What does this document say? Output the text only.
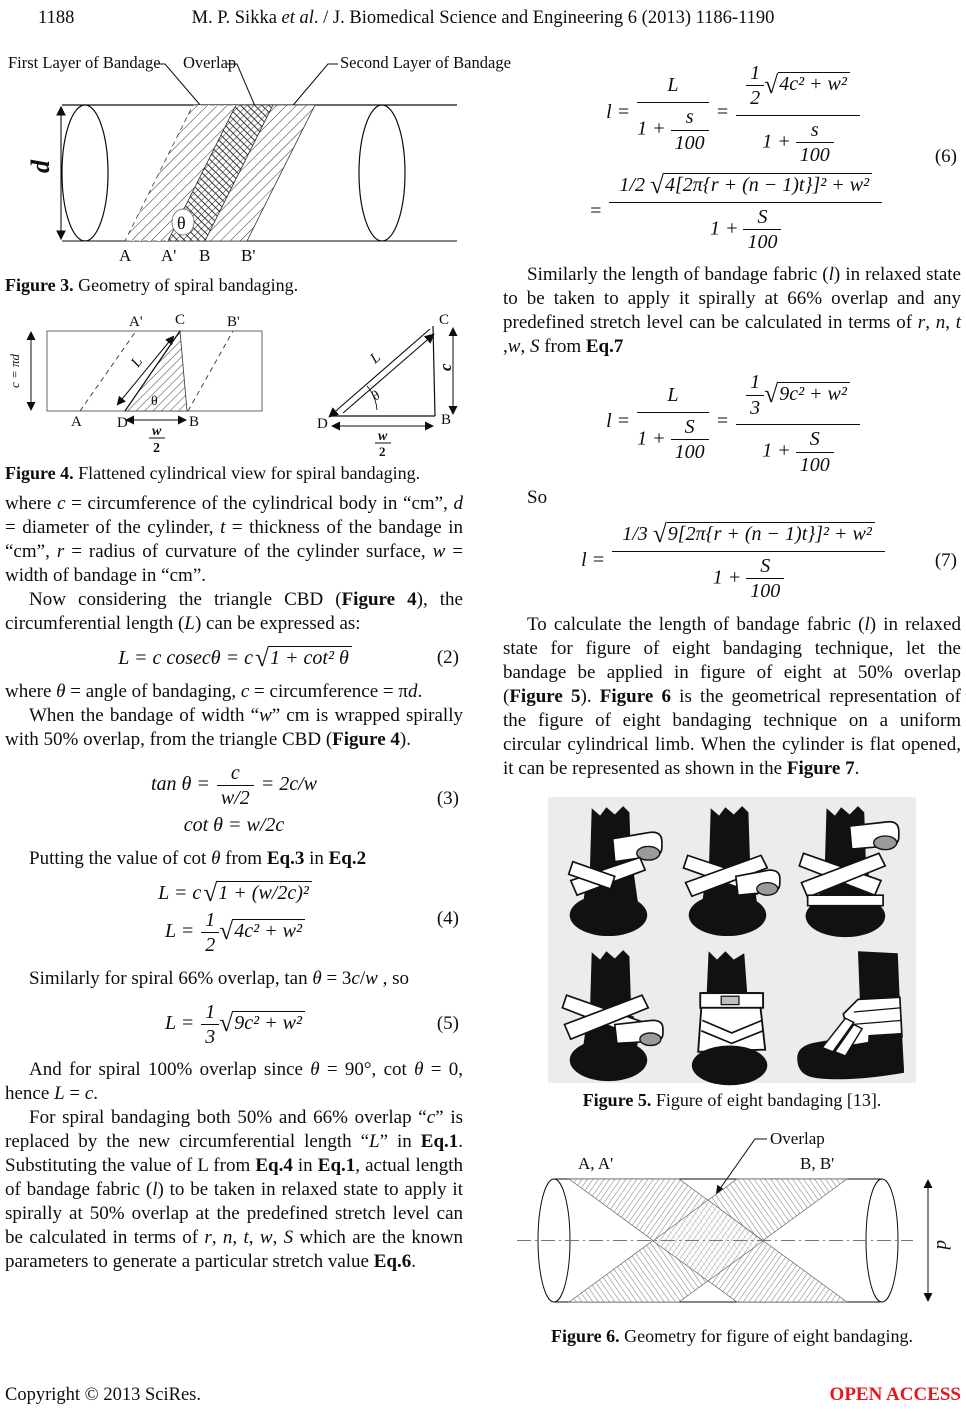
1188	M. P. Sikka et al. / J. Biomedical Science and Engineering 6 (2013) 1186-1190
First Layer of Bandage Overlap	Second Layer of Bandage
d
θ
A A' B B'
Figure 3. Geometry of spiral bandaging.
c = πd	L
θ
A' C	B'
A D	B
w
2
L
θ
C
D	B
c
w
2
Figure 4. Flattened cylindrical view for spiral bandaging.

where c = circumference of the cylindrical body in “cm”, d = diameter of the cylinder, t = thickness of the bandage in “cm”, r = radius of curvature of the cylinder surface, w = width of bandage in “cm”.

Now considering the triangle CBD (Figure 4), the circumferential length (L) can be expressed as:

L = c cosecθ = c√1 + cot² θ	(2)

where θ = angle of bandaging, c = circumference = πd.

When the bandage of width “w” cm is wrapped spirally with 50% overlap, from the triangle CBD (Figure 4).

$\tan \theta = \frac{c}{w/2} = 2c/w$
cot θ = w/2c
(3)

Putting the value of cot θ from Eq.3 in Eq.2

L = c√1 + (w/2c)²
$L = \frac{1}{2} √4c^2 + w^2$
(4)

Similarly for spiral 66% overlap, tan θ = 3c/w , so

$L = \frac{1}{3} √9c^2 + w^2$	(5)

And for spiral 100% overlap since θ = 90°, cot θ = 0, hence L = c.

For spiral bandaging both 50% and 66% overlap “c” is replaced by the new circumferential length “L” in Eq.1. Substituting the value of L from Eq.4 in Eq.1, actual length of bandage fabric (l) to be taken in relaxed state to apply it spirally at 50% overlap at the predefined stretch level can be calculated in terms of r, n, t, w, S which are the known parameters to generate a particular stretch value Eq.6.

$l = \frac{L}{1 + \frac{s}{100}} = \frac{\frac{1}{2} √4c^2 + w^2}{1 + \frac{s}{100}}$
= $\frac{\text{1/2 √4[2π\{r + (n − 1)t\}]² + w²}}{1 + \frac{S}{100}}$
(6)

Similarly the length of bandage fabric (l) in relaxed state to be taken to apply it spirally at 66% overlap and any predefined stretch level can be calculated in terms of r, n, t ,w, S from Eq.7

$l = \frac{L}{1 + \frac{S}{100}} = \frac{\frac{1}{3} √9c^2 + w^2}{1 + \frac{S}{100}}$

So

$l = \frac{\text{1/3 √9[2π\{r + (n − 1)t\}]² + w²}}{1 + \frac{S}{100}}$	(7)

To calculate the length of bandage fabric (l) in relaxed state for figure of eight bandaging technique, let the bandage be applied in figure of eight at 50% overlap (Figure 5). Figure 6 is the geometrical representation of the figure of eight bandaging technique on a uniform circular cylindrical limb. When the cylinder is flat opened, it can be represented as shown in the Figure 7.

Figure 5. Figure of eight bandaging [13].
Overlap
A, A'	B, B'
d
Figure 6. Geometry for figure of eight bandaging.
Copyright © 2013 SciRes.	OPEN ACCESS
